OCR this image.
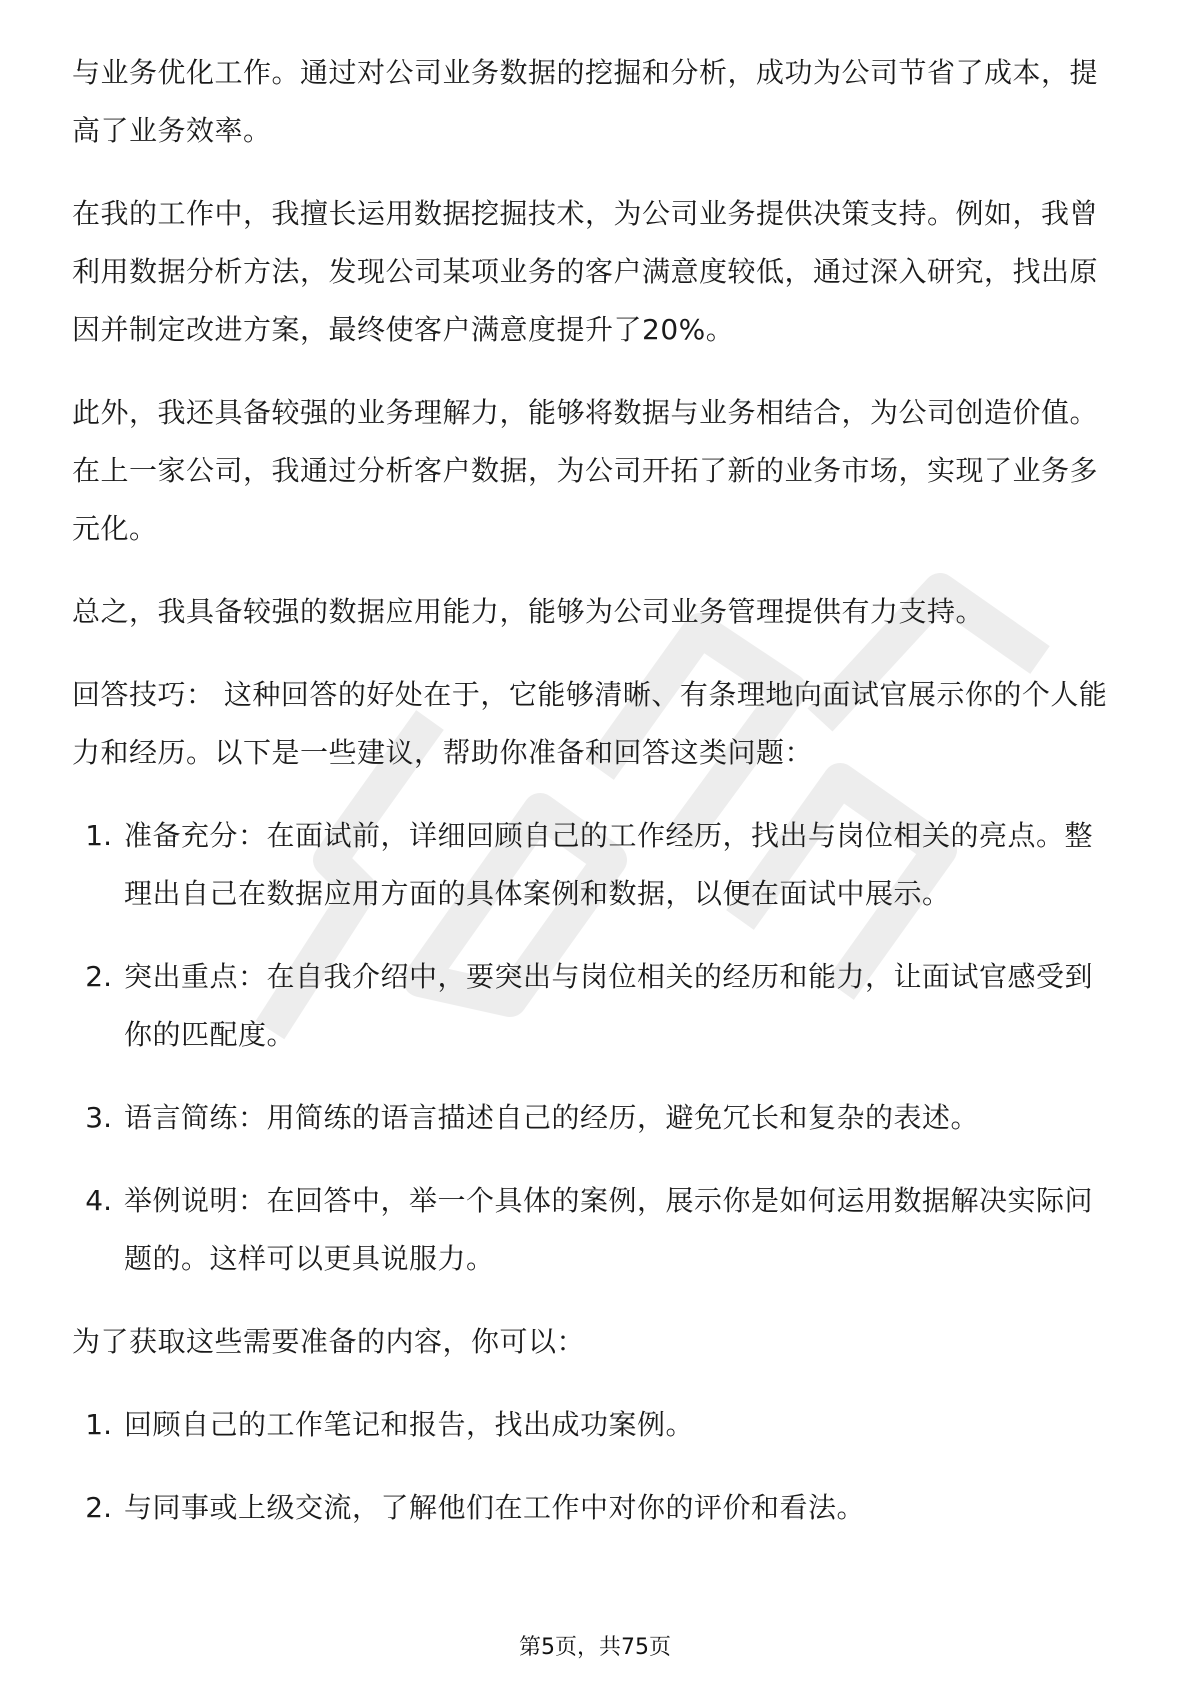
与业务优化工作。通过对公司业务数据的挖掘和分析，成功为公司节省了成本，提高了业务效率。

在我的工作中，我擅长运用数据挖掘技术，为公司业务提供决策支持。例如，我曾利用数据分析方法，发现公司某项业务的客户满意度较低，通过深入研究，找出原因并制定改进方案，最终使客户满意度提升了20%。

此外，我还具备较强的业务理解力，能够将数据与业务相结合，为公司创造价值。在上一家公司，我通过分析客户数据，为公司开拓了新的业务市场，实现了业务多元化。

总之，我具备较强的数据应用能力，能够为公司业务管理提供有力支持。

回答技巧： 这种回答的好处在于，它能够清晰、有条理地向面试官展示你的个人能力和经历。以下是一些建议，帮助你准备和回答这类问题：

1. 准备充分：在面试前，详细回顾自己的工作经历，找出与岗位相关的亮点。整理出自己在数据应用方面的具体案例和数据，以便在面试中展示。
2. 突出重点：在自我介绍中，要突出与岗位相关的经历和能力，让面试官感受到你的匹配度。
3. 语言简练：用简练的语言描述自己的经历，避免冗长和复杂的表述。
4. 举例说明：在回答中，举一个具体的案例，展示你是如何运用数据解决实际问题的。这样可以更具说服力。

为了获取这些需要准备的内容，你可以：

1. 回顾自己的工作笔记和报告，找出成功案例。
2. 与同事或上级交流，了解他们在工作中对你的评价和看法。
第5页，共75页
